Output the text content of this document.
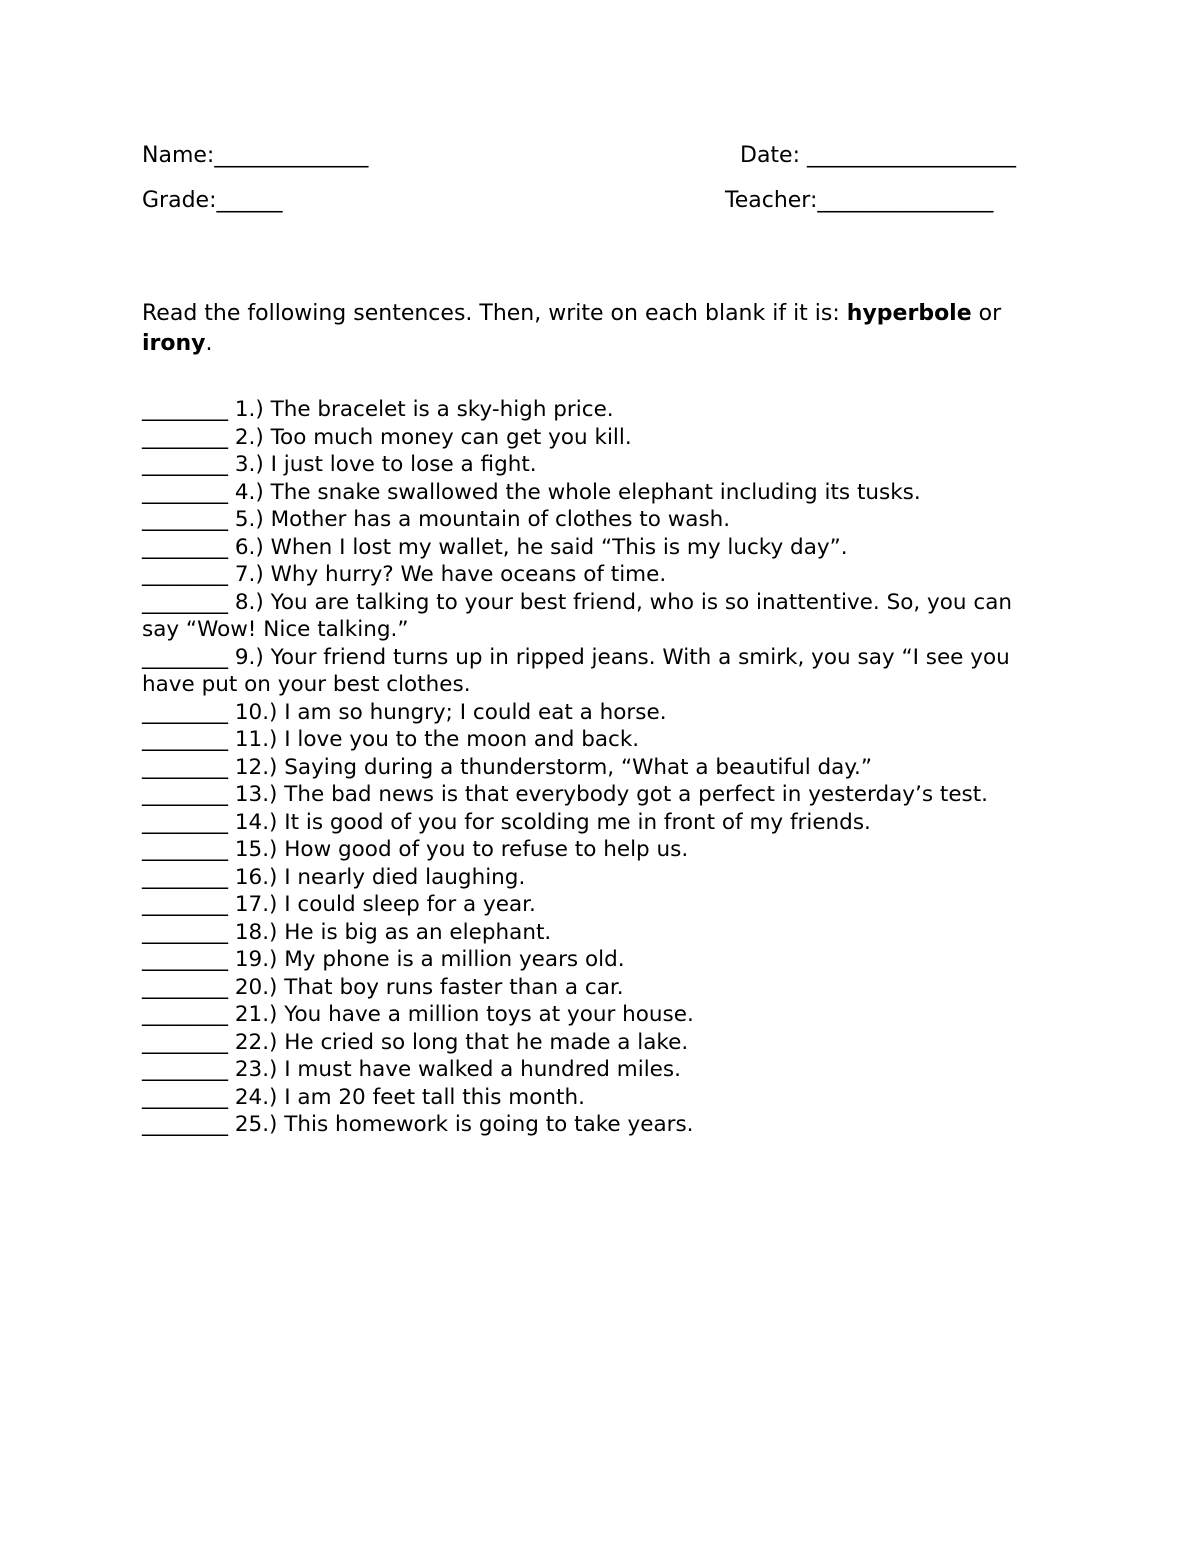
Name:______________	Date: ___________________
Grade:______	Teacher:________________

Read the following sentences. Then, write on each blank if it is: hyperbole or irony.

________ 1.) The bracelet is a sky-high price.
________ 2.) Too much money can get you kill.
________ 3.) I just love to lose a fight.
________ 4.) The snake swallowed the whole elephant including its tusks.
________ 5.) Mother has a mountain of clothes to wash.
________ 6.) When I lost my wallet, he said “This is my lucky day”.
________ 7.) Why hurry? We have oceans of time.
________ 8.) You are talking to your best friend, who is so inattentive. So, you can say “Wow! Nice talking.”
________ 9.) Your friend turns up in ripped jeans. With a smirk, you say “I see you have put on your best clothes.
________ 10.) I am so hungry; I could eat a horse.
________ 11.) I love you to the moon and back.
________ 12.) Saying during a thunderstorm, “What a beautiful day.”
________ 13.) The bad news is that everybody got a perfect in yesterday’s test.
________ 14.) It is good of you for scolding me in front of my friends.
________ 15.) How good of you to refuse to help us.
________ 16.) I nearly died laughing.
________ 17.) I could sleep for a year.
________ 18.) He is big as an elephant.
________ 19.) My phone is a million years old.
________ 20.) That boy runs faster than a car.
________ 21.) You have a million toys at your house.
________ 22.) He cried so long that he made a lake.
________ 23.) I must have walked a hundred miles.
________ 24.) I am 20 feet tall this month.
________ 25.) This homework is going to take years.
